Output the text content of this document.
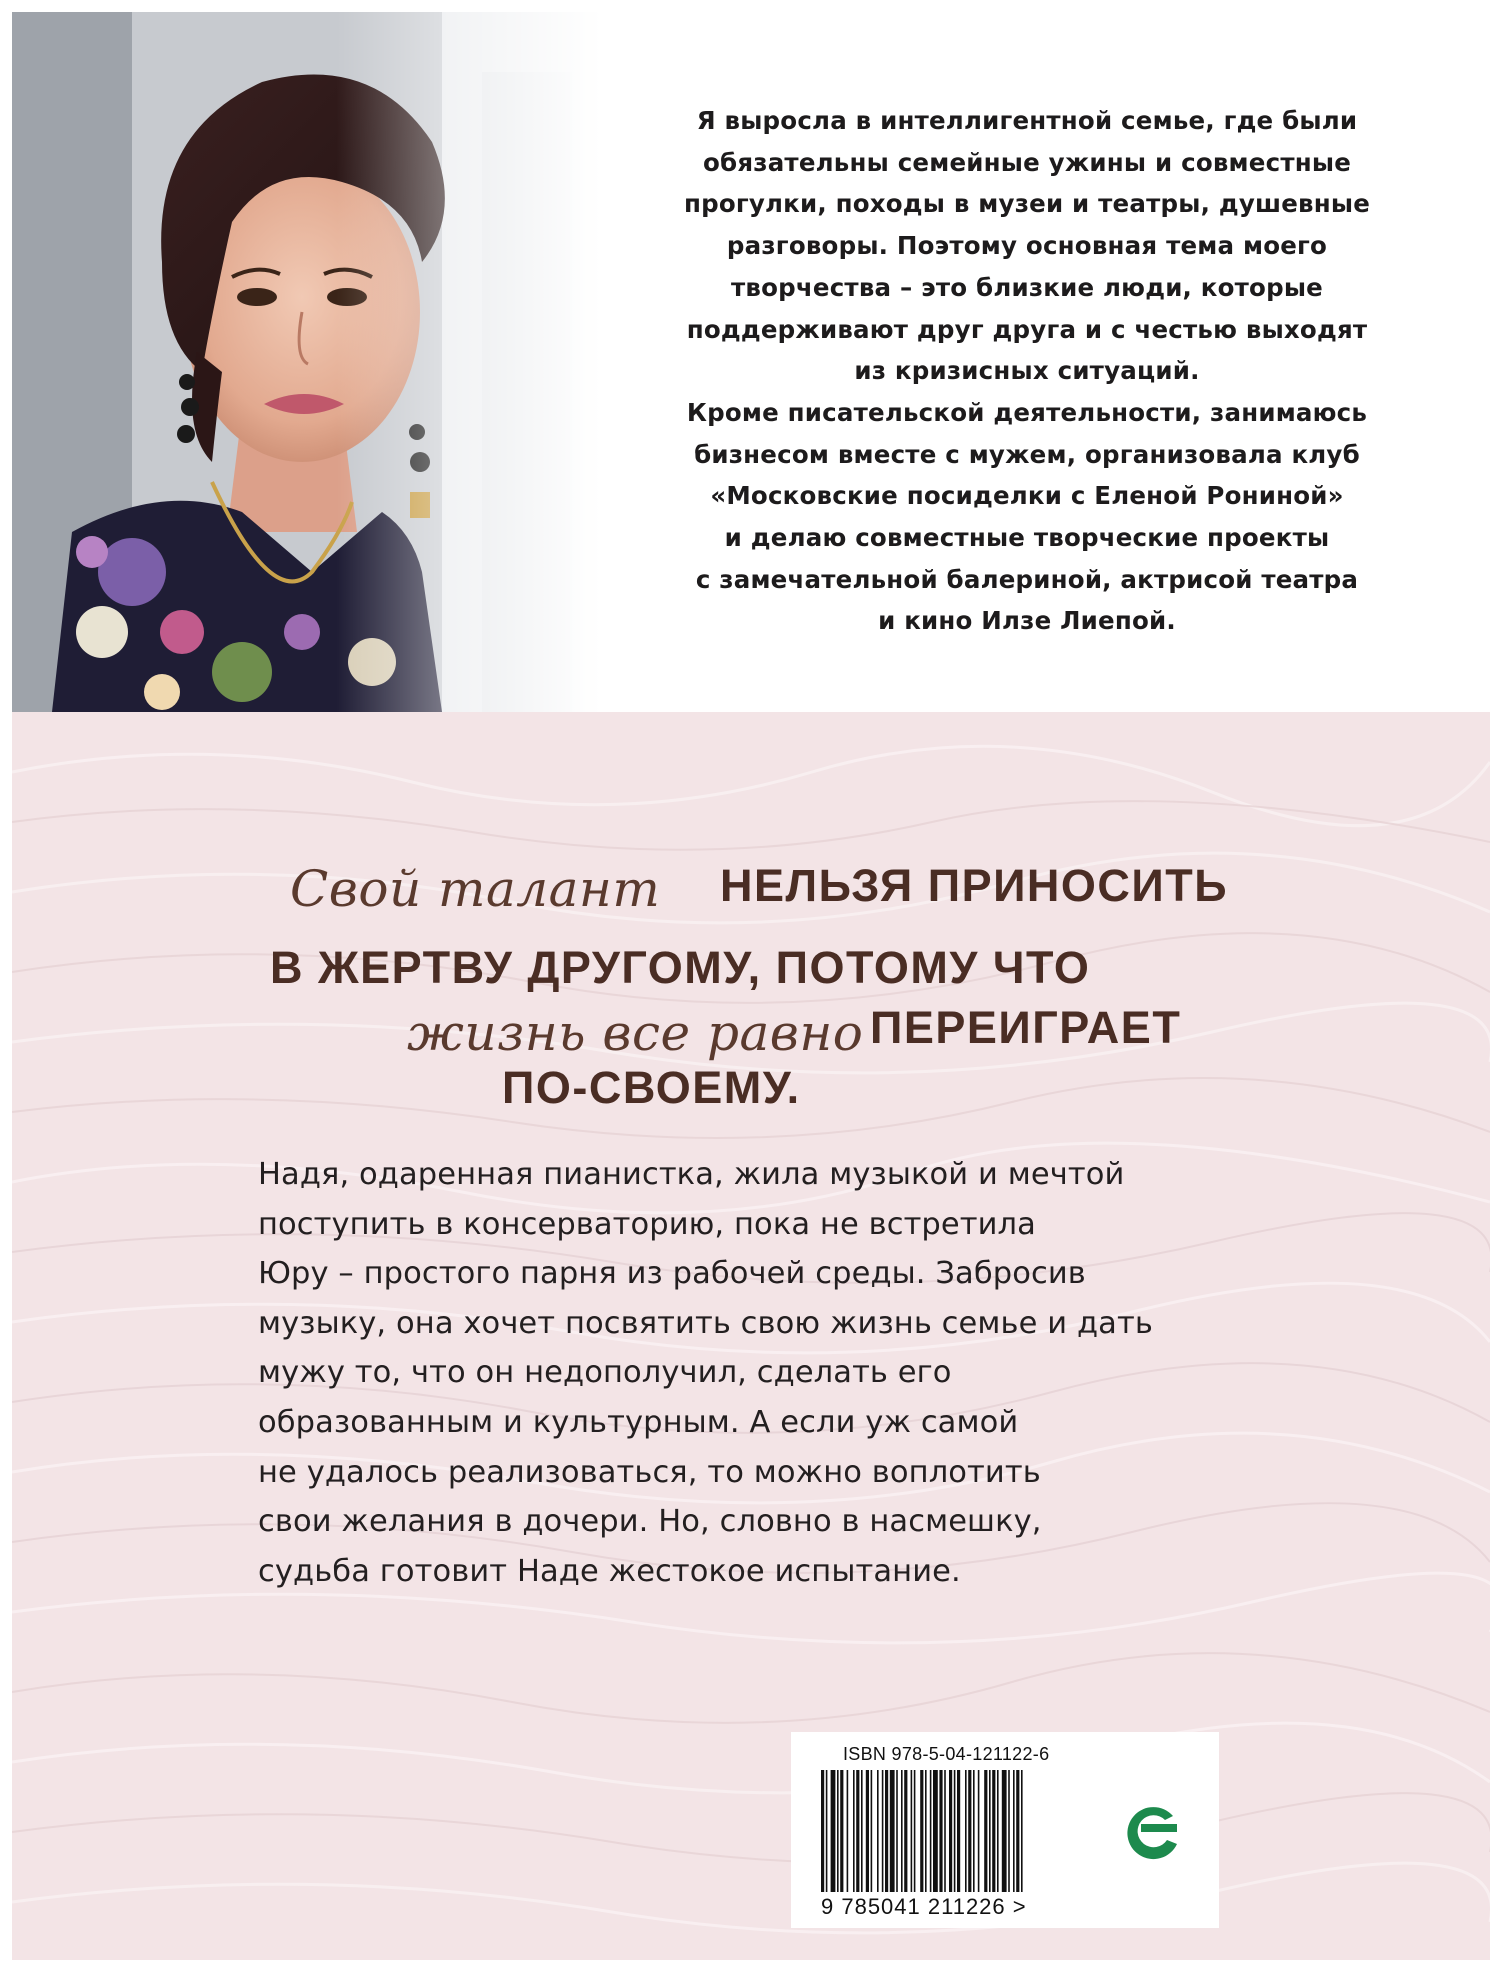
Я выросла в интеллигентной семье, где были
обязательны семейные ужины и совместные
прогулки, походы в музеи и театры, душевные
разговоры. Поэтому основная тема моего
творчества – это близкие люди, которые
поддерживают друг друга и с честью выходят
из кризисных ситуаций.
Кроме писательской деятельности, занимаюсь
бизнесом вместе с мужем, организовала клуб
«Московские посиделки с Еленой Рониной»
и делаю совместные творческие проекты
с замечательной балериной, актрисой театра
и кино Илзе Лиепой.
Свой талант НЕЛЬЗЯ ПРИНОСИТЬ
В ЖЕРТВУ ДРУГОМУ, ПОТОМУ ЧТО
жизнь все равно ПЕРЕИГРАЕТ
ПО-СВОЕМУ.
Надя, одаренная пианистка, жила музыкой и мечтой
поступить в консерваторию, пока не встретила
Юру – простого парня из рабочей среды. Забросив
музыку, она хочет посвятить свою жизнь семье и дать
мужу то, что он недополучил, сделать его
образованным и культурным. А если уж самой
не удалось реализоваться, то можно воплотить
свои желания в дочери. Но, словно в насмешку,
судьба готовит Наде жестокое испытание.
ISBN 978-5-04-121122-6
9 785041 211226 >
